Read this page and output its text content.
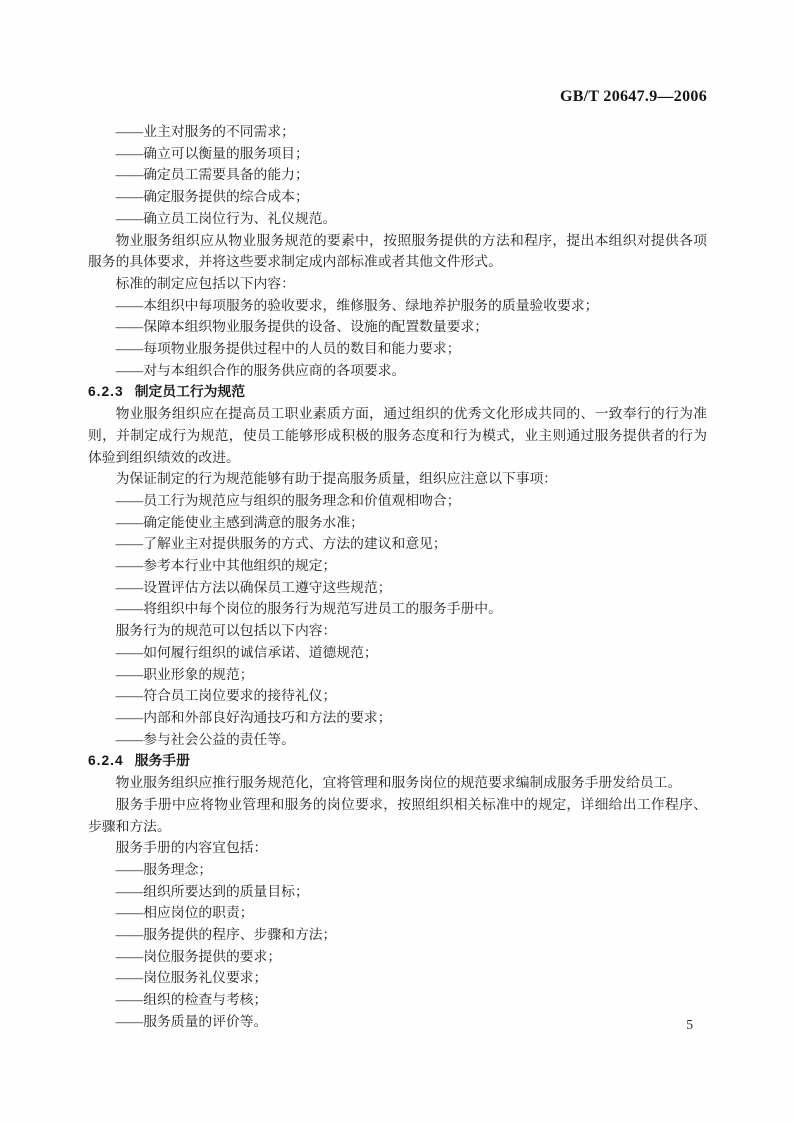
GB/T 20647.9—2006

——业主对服务的不同需求；

——确立可以衡量的服务项目；

——确定员工需要具备的能力；

——确定服务提供的综合成本；

——确立员工岗位行为、礼仪规范。

物业服务组织应从物业服务规范的要素中，按照服务提供的方法和程序，提出本组织对提供各项服务的具体要求，并将这些要求制定成内部标准或者其他文件形式。

标准的制定应包括以下内容：

——本组织中每项服务的验收要求，维修服务、绿地养护服务的质量验收要求；

——保障本组织物业服务提供的设备、设施的配置数量要求；

——每项物业服务提供过程中的人员的数目和能力要求；

——对与本组织合作的服务供应商的各项要求。

6.2.3 制定员工行为规范

物业服务组织应在提高员工职业素质方面，通过组织的优秀文化形成共同的、一致奉行的行为准则，并制定成行为规范，使员工能够形成积极的服务态度和行为模式，业主则通过服务提供者的行为体验到组织绩效的改进。

为保证制定的行为规范能够有助于提高服务质量，组织应注意以下事项：

——员工行为规范应与组织的服务理念和价值观相吻合；

——确定能使业主感到满意的服务水准；

——了解业主对提供服务的方式、方法的建议和意见；

——参考本行业中其他组织的规定；

——设置评估方法以确保员工遵守这些规范；

——将组织中每个岗位的服务行为规范写进员工的服务手册中。

服务行为的规范可以包括以下内容：

——如何履行组织的诚信承诺、道德规范；

——职业形象的规范；

——符合员工岗位要求的接待礼仪；

——内部和外部良好沟通技巧和方法的要求；

——参与社会公益的责任等。

6.2.4 服务手册

物业服务组织应推行服务规范化，宜将管理和服务岗位的规范要求编制成服务手册发给员工。

服务手册中应将物业管理和服务的岗位要求，按照组织相关标准中的规定，详细给出工作程序、步骤和方法。

服务手册的内容宜包括：

——服务理念；

——组织所要达到的质量目标；

——相应岗位的职责；

——服务提供的程序、步骤和方法；

——岗位服务提供的要求；

——岗位服务礼仪要求；

——组织的检查与考核；

——服务质量的评价等。	5
